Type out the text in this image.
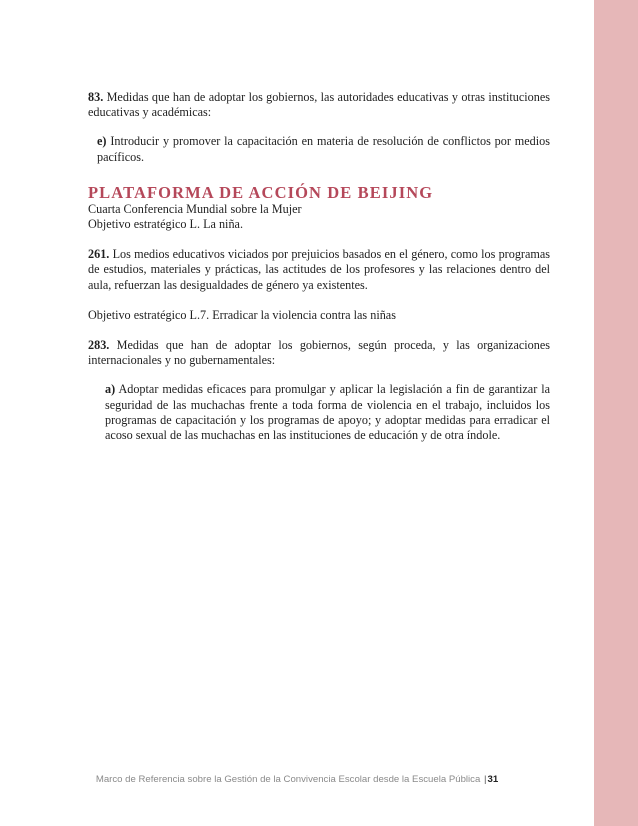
83. Medidas que han de adoptar los gobiernos, las autoridades educativas y otras instituciones educativas y académicas:

e) Introducir y promover la capacitación en materia de resolución de conflictos por medios pacíficos.

PLATAFORMA DE ACCIÓN DE BEIJING
Cuarta Conferencia Mundial sobre la Mujer
Objetivo estratégico L. La niña.

261. Los medios educativos viciados por prejuicios basados en el género, como los programas de estudios, materiales y prácticas, las actitudes de los profesores y las relaciones dentro del aula, refuerzan las desigualdades de género ya existentes.

Objetivo estratégico L.7. Erradicar la violencia contra las niñas

283. Medidas que han de adoptar los gobiernos, según proceda, y las organizaciones internacionales y no gubernamentales:

a) Adoptar medidas eficaces para promulgar y aplicar la legislación a fin de garantizar la seguridad de las muchachas frente a toda forma de violencia en el trabajo, incluidos los programas de capacitación y los programas de apoyo; y adoptar medidas para erradicar el acoso sexual de las muchachas en las instituciones de educación y de otra índole.

Marco de Referencia sobre la Gestión de la Convivencia Escolar desde la Escuela Pública |31
